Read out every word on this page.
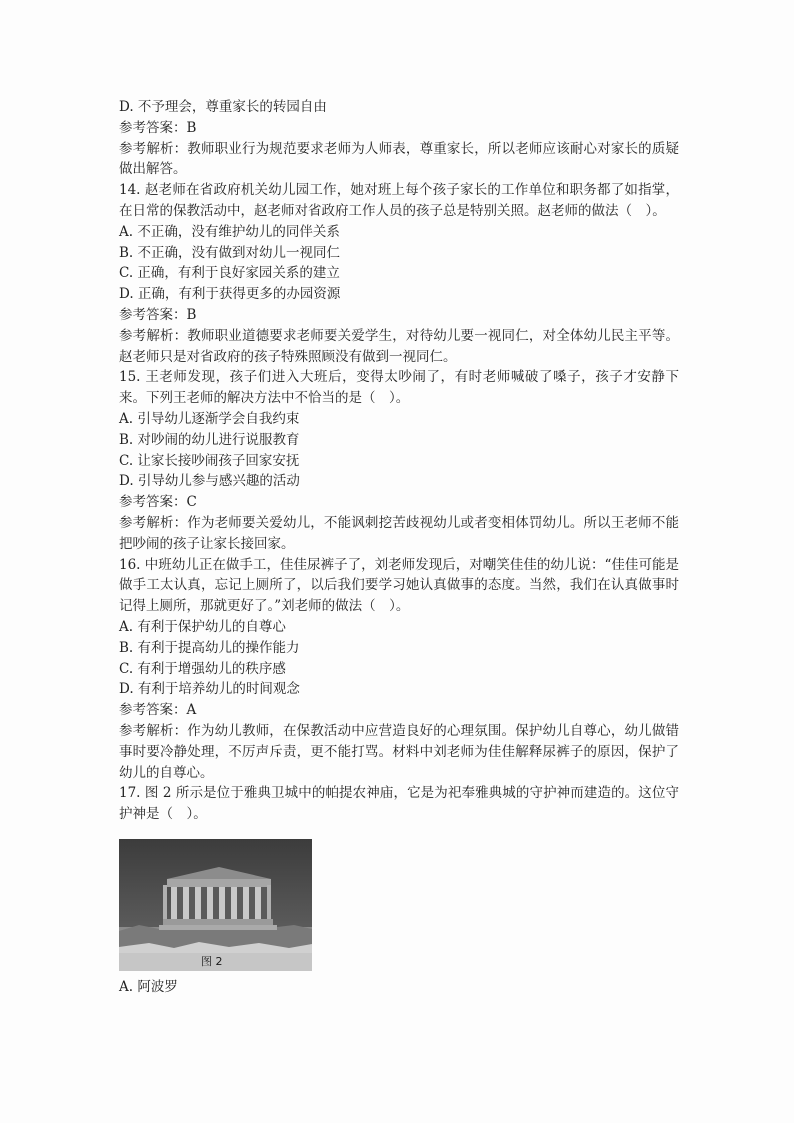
D. 不予理会，尊重家长的转园自由
参考答案：B
参考解析：教师职业行为规范要求老师为人师表，尊重家长，所以老师应该耐心对家长的质疑做出解答。
14. 赵老师在省政府机关幼儿园工作，她对班上每个孩子家长的工作单位和职务都了如指掌，在日常的保教活动中，赵老师对省政府工作人员的孩子总是特别关照。赵老师的做法（　）。
A. 不正确，没有维护幼儿的同伴关系
B. 不正确，没有做到对幼儿一视同仁
C. 正确，有利于良好家园关系的建立
D. 正确，有利于获得更多的办园资源
参考答案：B
参考解析：教师职业道德要求老师要关爱学生，对待幼儿要一视同仁，对全体幼儿民主平等。赵老师只是对省政府的孩子特殊照顾没有做到一视同仁。
15. 王老师发现，孩子们进入大班后，变得太吵闹了，有时老师喊破了嗓子，孩子才安静下来。下列王老师的解决方法中不恰当的是（　）。
A. 引导幼儿逐渐学会自我约束
B. 对吵闹的幼儿进行说服教育
C. 让家长接吵闹孩子回家安抚
D. 引导幼儿参与感兴趣的活动
参考答案：C
参考解析：作为老师要关爱幼儿，不能讽刺挖苦歧视幼儿或者变相体罚幼儿。所以王老师不能把吵闹的孩子让家长接回家。
16. 中班幼儿正在做手工，佳佳尿裤子了，刘老师发现后，对嘲笑佳佳的幼儿说：“佳佳可能是做手工太认真，忘记上厕所了，以后我们要学习她认真做事的态度。当然，我们在认真做事时记得上厕所，那就更好了。”刘老师的做法（　）。
A. 有利于保护幼儿的自尊心
B. 有利于提高幼儿的操作能力
C. 有利于增强幼儿的秩序感
D. 有利于培养幼儿的时间观念
参考答案：A
参考解析：作为幼儿教师，在保教活动中应营造良好的心理氛围。保护幼儿自尊心，幼儿做错事时要冷静处理，不厉声斥责，更不能打骂。材料中刘老师为佳佳解释尿裤子的原因，保护了幼儿的自尊心。
17. 图 2 所示是位于雅典卫城中的帕提农神庙，它是为祀奉雅典城的守护神而建造的。这位守护神是（　）。
图 2
A. 阿波罗
